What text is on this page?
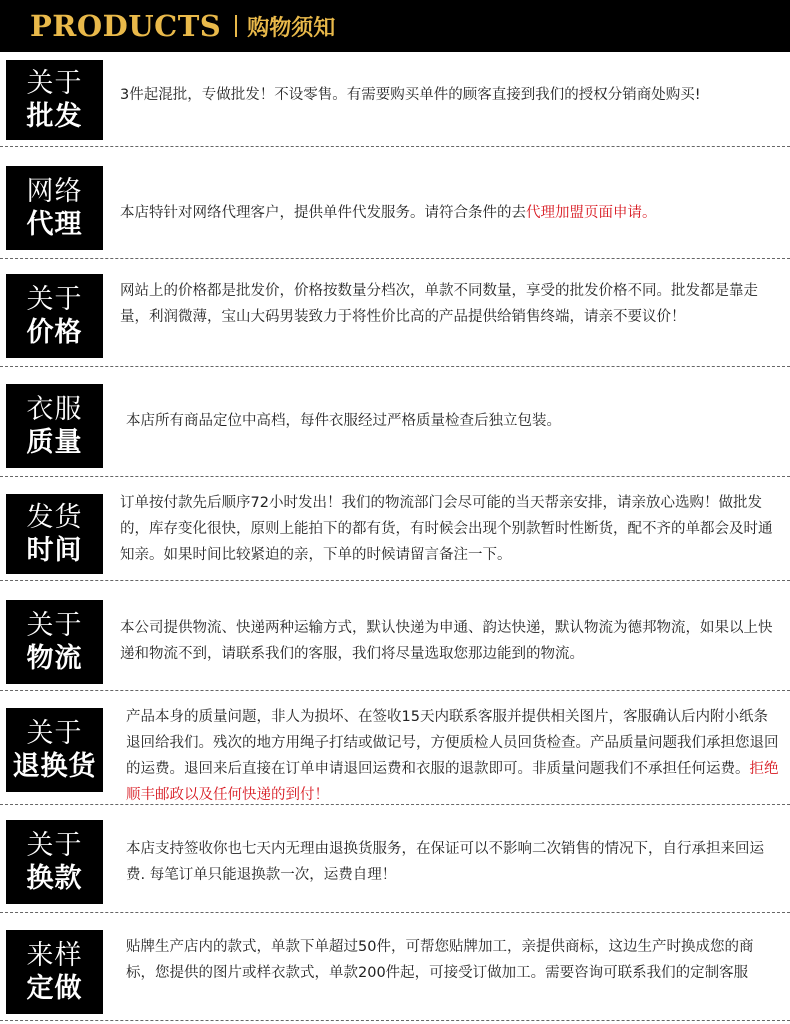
PRODUCTS 购物须知
关于
批发
3件起混批，专做批发！不设零售。有需要购买单件的顾客直接到我们的授权分销商处购买!
网络
代理	本店特针对网络代理客户，提供单件代发服务。请符合条件的去代理加盟页面申请。
关于
价格
网站上的价格都是批发价，价格按数量分档次，单款不同数量，享受的批发价格不同。批发都是靠走量，利润微薄，宝山大码男装致力于将性价比高的产品提供给销售终端，请亲不要议价！
衣服
质量
本店所有商品定位中高档，每件衣服经过严格质量检查后独立包装。
发货
时间
订单按付款先后顺序72小时发出！我们的物流部门会尽可能的当天帮亲安排，请亲放心选购！做批发的，库存变化很快，原则上能拍下的都有货，有时候会出现个别款暂时性断货，配不齐的单都会及时通知亲。如果时间比较紧迫的亲，下单的时候请留言备注一下。
关于
物流
本公司提供物流、快递两种运输方式，默认快递为申通、韵达快递，默认物流为德邦物流，如果以上快递和物流不到，请联系我们的客服，我们将尽量选取您那边能到的物流。
关于
退换货
产品本身的质量问题，非人为损坏、在签收15天内联系客服并提供相关图片，客服确认后内附小纸条退回给我们。残次的地方用绳子打结或做记号，方便质检人员回货检查。产品质量问题我们承担您退回的运费。退回来后直接在订单申请退回运费和衣服的退款即可。非质量问题我们不承担任何运费。拒绝顺丰邮政以及任何快递的到付！
关于
换款
本店支持签收你也七天内无理由退换货服务，在保证可以不影响二次销售的情况下，自行承担来回运费. 每笔订单只能退换款一次，运费自理！
来样
定做
贴牌生产店内的款式，单款下单超过50件，可帮您贴牌加工，亲提供商标，这边生产时换成您的商标，您提供的图片或样衣款式，单款200件起，可接受订做加工。需要咨询可联系我们的定制客服
